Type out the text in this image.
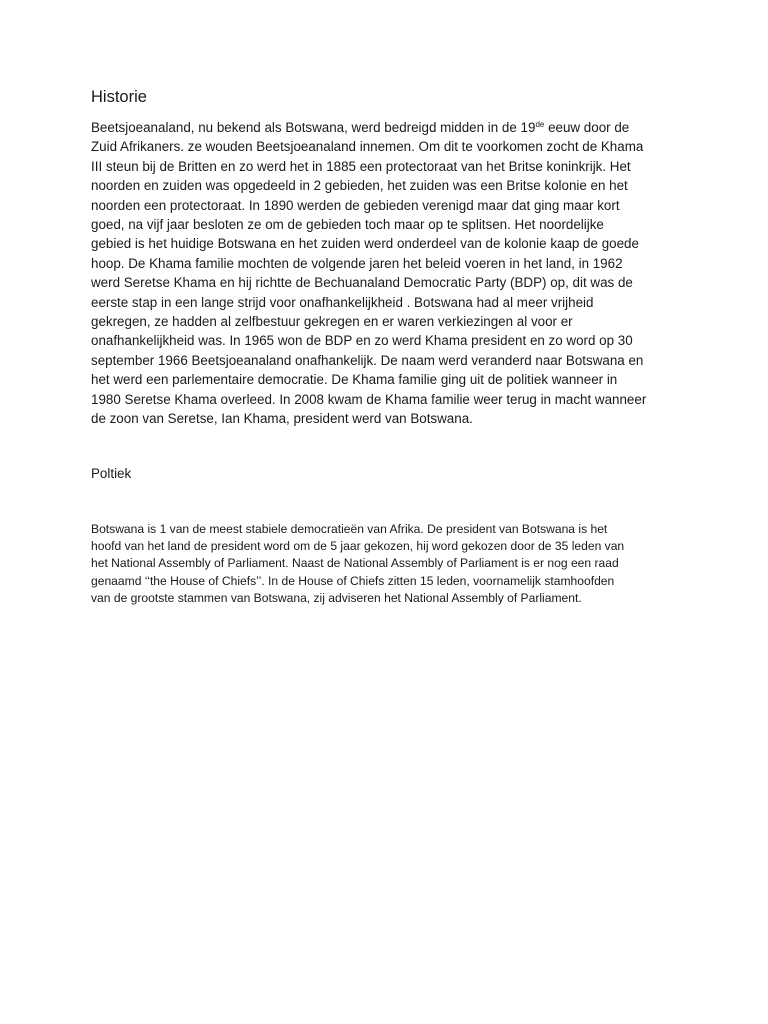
Historie

Beetsjoeanaland, nu bekend als Botswana, werd bedreigd midden in de 19de eeuw door de
Zuid Afrikaners. ze wouden Beetsjoeanaland innemen. Om dit te voorkomen zocht de Khama
III steun bij de Britten en zo werd het in 1885 een protectoraat van het Britse koninkrijk. Het
noorden en zuiden was opgedeeld in 2 gebieden, het zuiden was een Britse kolonie en het
noorden een protectoraat. In 1890 werden de gebieden verenigd maar dat ging maar kort
goed, na vijf jaar besloten ze om de gebieden toch maar op te splitsen. Het noordelijke
gebied is het huidige Botswana en het zuiden werd onderdeel van de kolonie kaap de goede
hoop. De Khama familie mochten de volgende jaren het beleid voeren in het land, in 1962
werd Seretse Khama en hij richtte de Bechuanaland Democratic Party (BDP) op, dit was de
eerste stap in een lange strijd voor onafhankelijkheid . Botswana had al meer vrijheid
gekregen, ze hadden al zelfbestuur gekregen en er waren verkiezingen al voor er
onafhankelijkheid was. In 1965 won de BDP en zo werd Khama president en zo word op 30
september 1966 Beetsjoeanaland onafhankelijk. De naam werd veranderd naar Botswana en
het werd een parlementaire democratie. De Khama familie ging uit de politiek wanneer in
1980 Seretse Khama overleed. In 2008 kwam de Khama familie weer terug in macht wanneer
de zoon van Seretse, Ian Khama, president werd van Botswana.

Poltiek

Botswana is 1 van de meest stabiele democratieën van Afrika. De president van Botswana is het
hoofd van het land de president word om de 5 jaar gekozen, hij word gekozen door de 35 leden van
het National Assembly of Parliament. Naast de National Assembly of Parliament is er nog een raad
genaamd ‘‘the House of Chiefs’’. In de House of Chiefs zitten 15 leden, voornamelijk stamhoofden
van de grootste stammen van Botswana, zij adviseren het National Assembly of Parliament.
